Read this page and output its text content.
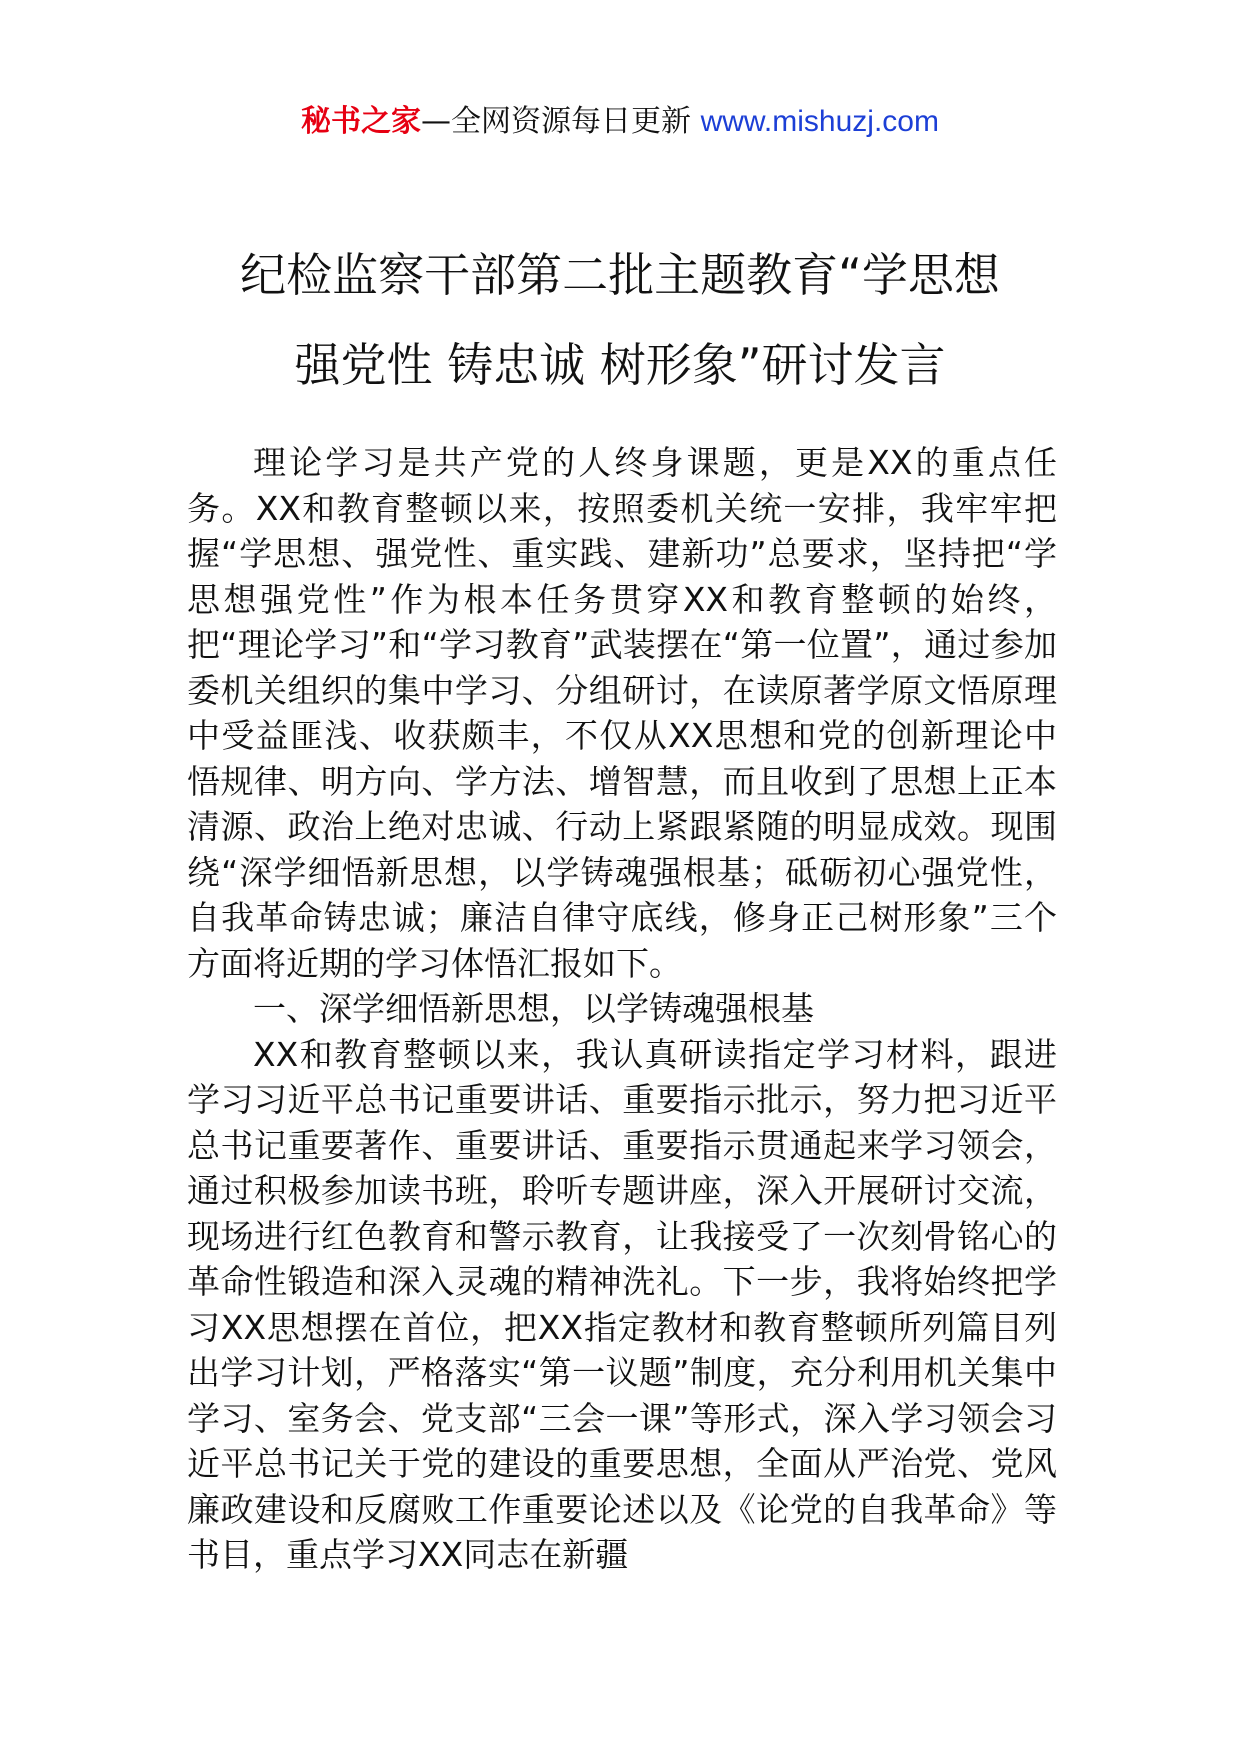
秘书之家—全网资源每日更新 www.mishuzj.com
纪检监察干部第二批主题教育“学思想
强党性 铸忠诚 树形象”研讨发言

理论学习是共产党的人终身课题，更是XX的重点任务。XX和教育整顿以来，按照委机关统一安排，我牢牢把握“学思想、强党性、重实践、建新功”总要求，坚持把“学思想强党性”作为根本任务贯穿XX和教育整顿的始终，把“理论学习”和“学习教育”武装摆在“第一位置”，通过参加委机关组织的集中学习、分组研讨，在读原著学原文悟原理中受益匪浅、收获颇丰，不仅从XX思想和党的创新理论中悟规律、明方向、学方法、增智慧，而且收到了思想上正本清源、政治上绝对忠诚、行动上紧跟紧随的明显成效。现围绕“深学细悟新思想，以学铸魂强根基；砥砺初心强党性，自我革命铸忠诚；廉洁自律守底线，修身正己树形象”三个方面将近期的学习体悟汇报如下。

一、深学细悟新思想，以学铸魂强根基

XX和教育整顿以来，我认真研读指定学习材料，跟进学习习近平总书记重要讲话、重要指示批示，努力把习近平总书记重要著作、重要讲话、重要指示贯通起来学习领会，通过积极参加读书班，聆听专题讲座，深入开展研讨交流，现场进行红色教育和警示教育，让我接受了一次刻骨铭心的革命性锻造和深入灵魂的精神洗礼。下一步，我将始终把学习XX思想摆在首位，把XX指定教材和教育整顿所列篇目列出学习计划，严格落实“第一议题”制度，充分利用机关集中学习、室务会、党支部“三会一课”等形式，深入学习领会习近平总书记关于党的建设的重要思想，全面从严治党、党风廉政建设和反腐败工作重要论述以及《论党的自我革命》等书目，重点学习XX同志在新疆
